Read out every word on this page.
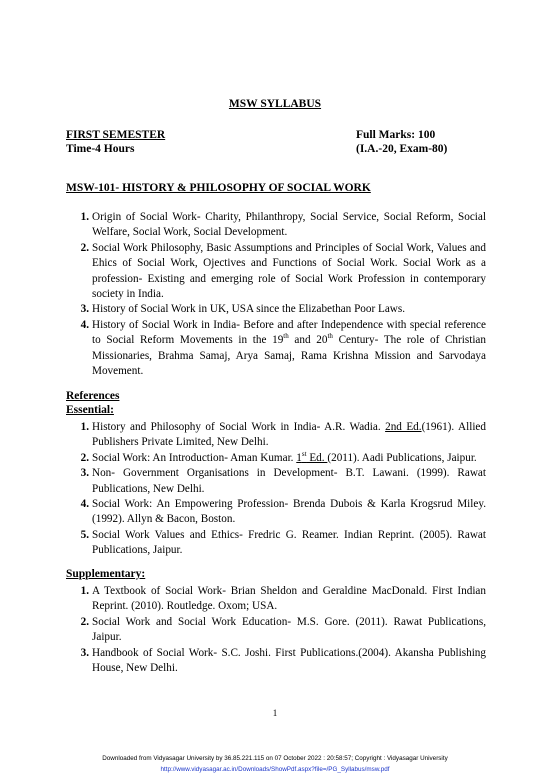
MSW SYLLABUS
FIRST SEMESTER	Full Marks: 100
Time-4 Hours	(I.A.-20, Exam-80)
MSW-101- HISTORY & PHILOSOPHY OF SOCIAL WORK
1. Origin of Social Work- Charity, Philanthropy, Social Service, Social Reform, Social Welfare, Social Work, Social Development.
2. Social Work Philosophy, Basic Assumptions and Principles of Social Work, Values and Ehics of Social Work, Ojectives and Functions of Social Work. Social Work as a profession- Existing and emerging role of Social Work Profession in contemporary society in India.
3. History of Social Work in UK, USA since the Elizabethan Poor Laws.
4. History of Social Work in India- Before and after Independence with special reference to Social Reform Movements in the 19th and 20th Century- The role of Christian Missionaries, Brahma Samaj, Arya Samaj, Rama Krishna Mission and Sarvodaya Movement.
References
Essential:
1. History and Philosophy of Social Work in India- A.R. Wadia. 2nd Ed.(1961). Allied Publishers Private Limited, New Delhi.
2. Social Work: An Introduction- Aman Kumar. 1st Ed. (2011). Aadi Publications, Jaipur.
3. Non- Government Organisations in Development- B.T. Lawani. (1999). Rawat Publications, New Delhi.
4. Social Work: An Empowering Profession- Brenda Dubois & Karla Krogsrud Miley. (1992). Allyn & Bacon, Boston.
5. Social Work Values and Ethics- Fredric G. Reamer. Indian Reprint. (2005). Rawat Publications, Jaipur.
Supplementary:
1. A Textbook of Social Work- Brian Sheldon and Geraldine MacDonald. First Indian Reprint. (2010). Routledge. Oxom; USA.
2. Social Work and Social Work Education- M.S. Gore. (2011). Rawat Publications, Jaipur.
3. Handbook of Social Work- S.C. Joshi. First Publications.(2004). Akansha Publishing House, New Delhi.
1
Downloaded from Vidyasagar University by 36.85.221.115 on 07 October 2022 : 20:58:57; Copyright : Vidyasagar University
http://www.vidyasagar.ac.in/Downloads/ShowPdf.aspx?file=/PG_Syllabus/msw.pdf
